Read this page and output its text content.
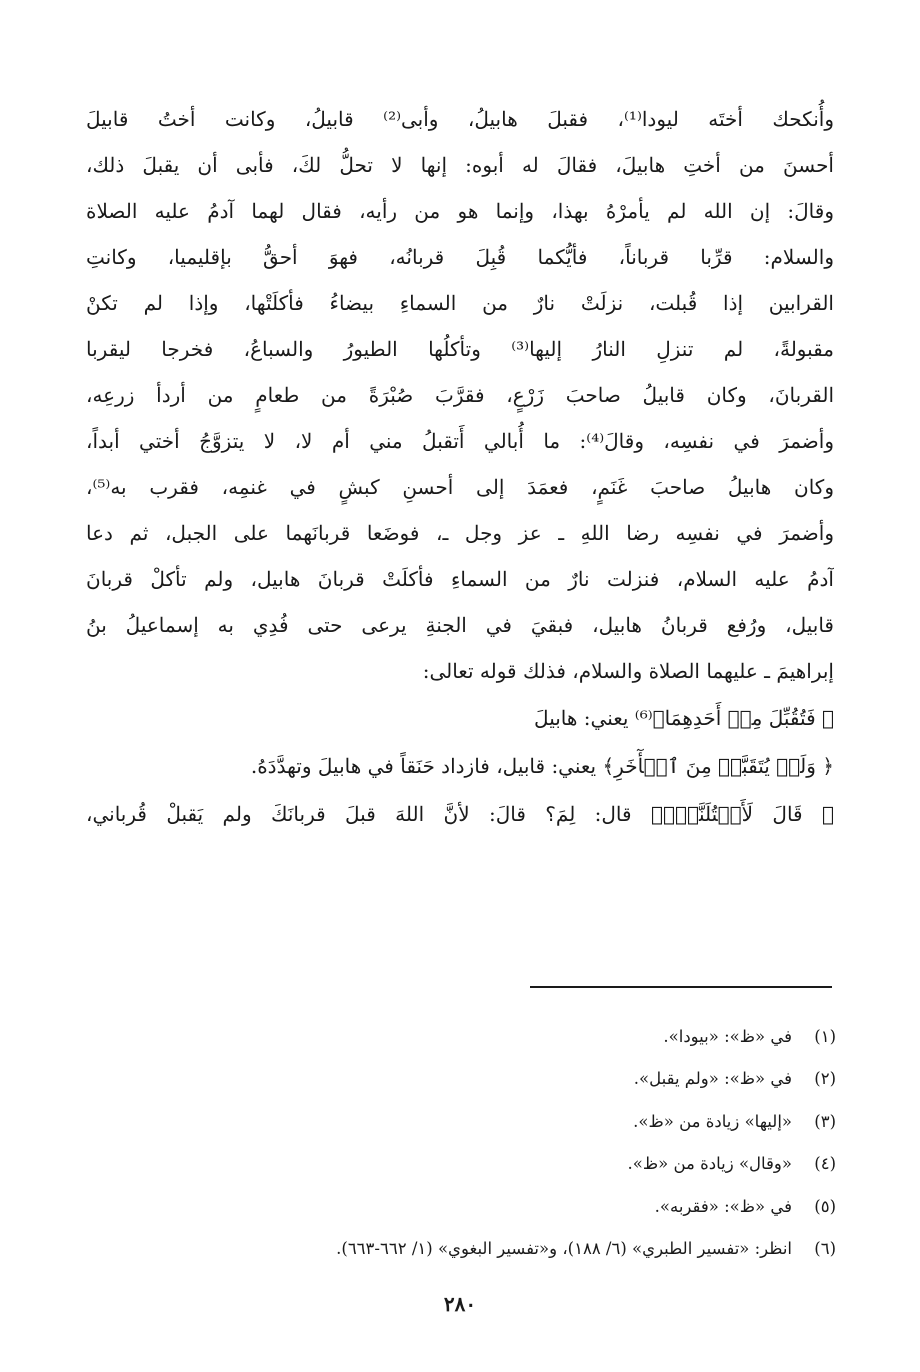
وأُنكحك أختَه ليودا⁽¹⁾، فقبلَ هابيلُ، وأبى⁽²⁾ قابيلُ، وكانت أختُ قابيلَ
أحسنَ من أختِ هابيلَ، فقالَ له أبوه: إنها لا تحلُّ لكَ، فأبى أن يقبلَ ذلك،
وقالَ: إن الله لم يأمرْهُ بهذا، وإنما هو من رأيه، فقال لهما آدمُ عليه الصلاة
والسلام: قرِّبا قرباناً، فأيُّكما قُبِلَ قربانُه، فهوَ أحقُّ بإقليميا، وكانتِ
القرابين إذا قُبلت، نزلَتْ نارٌ من السماءِ بيضاءُ فأكلَتْها، وإذا لم تكنْ
مقبولةً، لم تنزلِ النارُ إليها⁽³⁾ وتأكلُها الطيورُ والسباعُ، فخرجا ليقربا
القربانَ، وكان قابيلُ صاحبَ زَرْعٍ، فقرَّبَ صُبْرَةً من طعامٍ من أردأ زرعِه،
وأضمرَ في نفسِه، وقالَ⁽⁴⁾: ما أُبالي أَتقبلُ مني أم لا، لا يتزوَّجُ أختي أبداً،
وكان هابيلُ صاحبَ غَنَمٍ، فعمَدَ إلى أحسنِ كبشٍ في غنمِه، فقرب به⁽⁵⁾،
وأضمرَ في نفسِه رضا اللهِ ـ عز وجل ـ، فوضَعا قربانَهما على الجبل، ثم دعا
آدمُ عليه السلام، فنزلت نارٌ من السماءِ فأكلَتْ قربانَ هابيل، ولم تأكلْ قربانَ
قابيل، ورُفع قربانُ هابيل، فبقيَ في الجنةِ يرعى حتى فُدِي به إسماعيلُ بنُ
إبراهيمَ ـ عليهما الصلاة والسلام، فذلك قوله تعالى:
﴿ فَتُقُبِّلَ مِنۡ أَحَدِهِمَا﴾⁽⁶⁾ يعني: هابيلَ
﴿ وَلَمۡ يُتَقَبَّلۡ مِنَ ٱلۡأٓخَرِ﴾ يعني: قابيل، فازداد حَنَقاً في هابيلَ وتهدَّدَهُ.
﴿ قَالَ لَأَقۡتُلَنَّكَۖ﴾ قال: لِمَ؟ قالَ: لأنَّ اللهَ قبلَ قربانَكَ ولم يَقبلْ قُرباني،
(١)في «ظ»: «بيودا».
(٢)في «ظ»: «ولم يقبل».
(٣)«إليها» زيادة من «ظ».
(٤)«وقال» زيادة من «ظ».
(٥)في «ظ»: «فقربه».
(٦)انظر: «تفسير الطبري» (٦/ ١٨٨)، و«تفسير البغوي» (١/ ٦٦٢-٦٦٣).
٢٨٠
